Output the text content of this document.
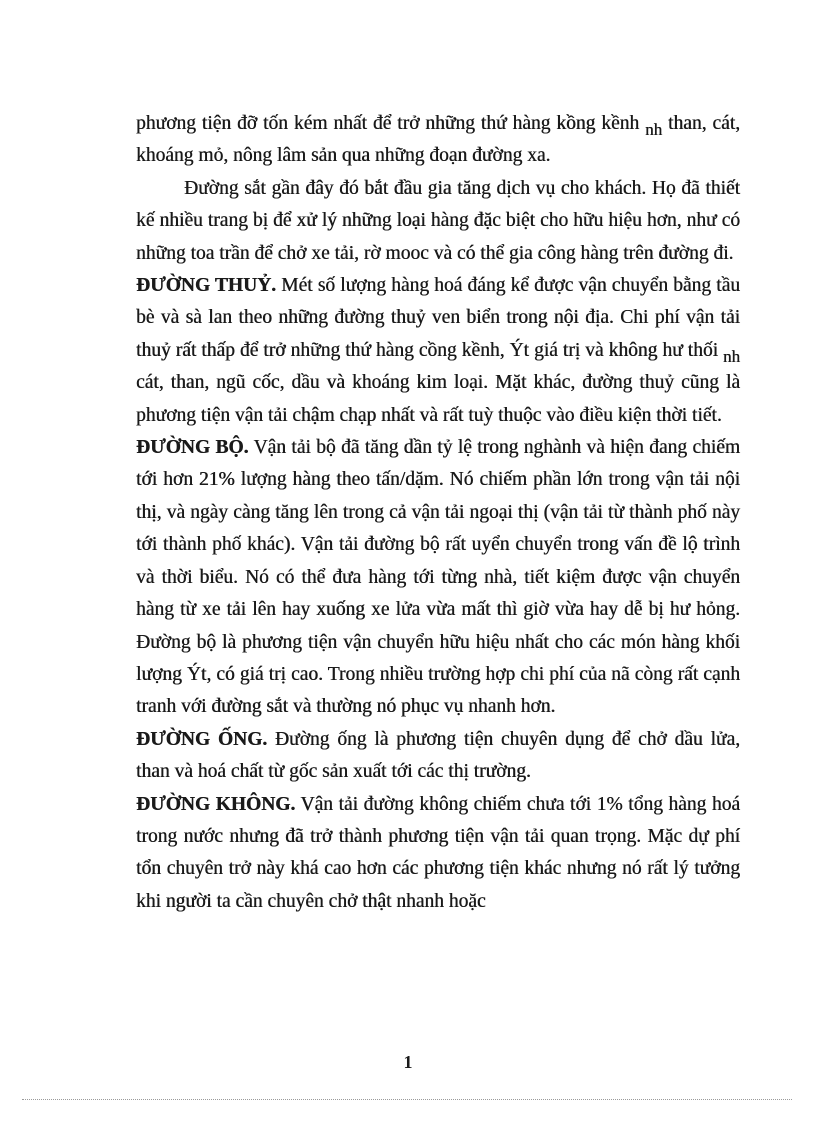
phương tiện đỡ tốn kém nhất để trở những thứ hàng kồng kềnh nh than, cát, khoáng mỏ, nông lâm sản qua những đoạn đường xa.

Đường sắt gần đây đó bắt đầu gia tăng dịch vụ cho khách. Họ đã thiết kế nhiều trang bị để xử lý những loại hàng đặc biệt cho hữu hiệu hơn, như có những toa trần để chở xe tải, rờ mooc và có thể gia công hàng trên đường đi.

ĐƯỜNG THUỶ. Mét số lượng hàng hoá đáng kể được vận chuyển bằng tầu bè và sà lan theo những đường thuỷ ven biển trong nội địa. Chi phí vận tải thuỷ rất thấp để trở những thứ hàng cồng kềnh, Ýt giá trị và không hư thối nh cát, than, ngũ cốc, dầu và khoáng kim loại. Mặt khác, đường thuỷ cũng là phương tiện vận tải chậm chạp nhất và rất tuỳ thuộc vào điều kiện thời tiết.

ĐƯỜNG BỘ. Vận tải bộ đã tăng dần tỷ lệ trong nghành và hiện đang chiếm tới hơn 21% lượng hàng theo tấn/dặm. Nó chiếm phần lớn trong vận tải nội thị, và ngày càng tăng lên trong cả vận tải ngoại thị (vận tải từ thành phố này tới thành phố khác). Vận tải đường bộ rất uyển chuyển trong vấn đề lộ trình và thời biểu. Nó có thể đưa hàng tới từng nhà, tiết kiệm được vận chuyển hàng từ xe tải lên hay xuống xe lửa vừa mất thì giờ vừa hay dễ bị hư hỏng. Đường bộ là phương tiện vận chuyển hữu hiệu nhất cho các món hàng khối lượng Ýt, có giá trị cao. Trong nhiều trường hợp chi phí của nã còng rất cạnh tranh với đường sắt và thường nó phục vụ nhanh hơn.

ĐƯỜNG ỐNG. Đường ống là phương tiện chuyên dụng để chở dầu lửa, than và hoá chất từ gốc sản xuất tới các thị trường.

ĐƯỜNG KHÔNG. Vận tải đường không chiếm chưa tới 1% tổng hàng hoá trong nước nhưng đã trở thành phương tiện vận tải quan trọng. Mặc dự phí tổn chuyên trở này khá cao hơn các phương tiện khác nhưng nó rất lý tưởng khi người ta cần chuyên chở thật nhanh hoặc

1
